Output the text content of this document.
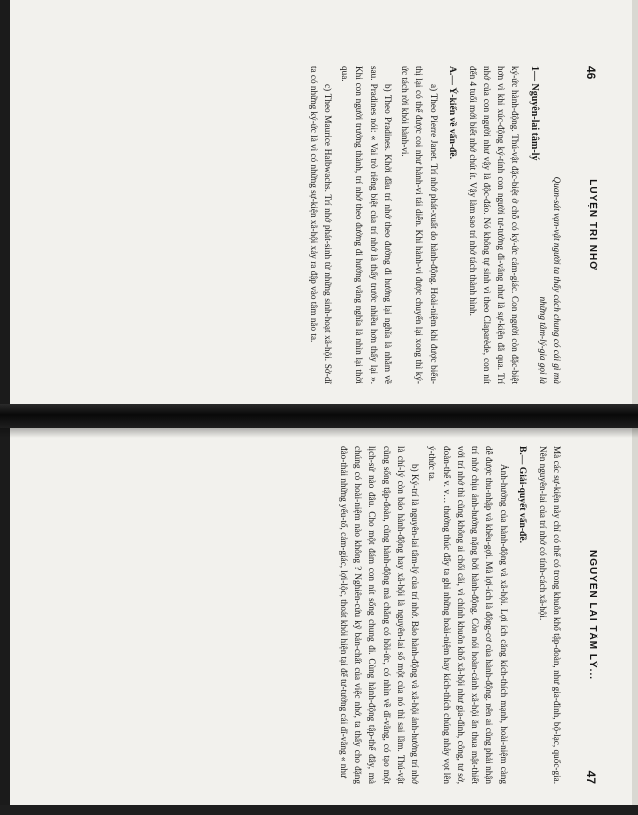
46
LUYỆN TRÍ NHỚ
1— Nguyên-lai tâm-lý
Quan-sát vạn-vật người ta thấy cách chung có cái gì mà những tâm-lý-gia gọi là

ký-ức hành-động. Thú-vật đặc-biệt ở chỗ có ký-ức cảm-giác. Con người còn đặc-biệt hơn vì khi xúc-động ký-tính con người tư-tưởng đi-vãng như là sự-kiện đã qua. Trí nhớ của con người như vậy là độc-đáo. Nó không tự sinh vì theo Claparède, con nít đến 4 tuổi mới biết nhớ chút ít. Vậy làm sao trí nhớ tách thành hình.

A.— Ý-kiến về vấn-đề.

a) Theo Pierre Janet. Trí nhớ phát-xuất do hành-động. Hoài-niệm khi được biểu-thị lại có thể được coi như hành-vi tái diễn. Khi hành-vi được chuyển lại xong thì ký-ức tách rời khỏi hành-vi.

b) Theo Pradines. Khởi đầu trí nhớ theo đường đi hướng lại nghĩa là nhằm về sau. Pradines nói: « Vai trò riêng biệt của trí nhớ là thấy trước nhiều hơn thấy lại ». Khi con người trưởng thành, trí nhớ theo đường đi hướng vãng nghĩa là nhìn lại thời qua.

c) Theo Maurice Halbwachs. Trí nhớ phát-sinh từ những sinh-hoạt xã-hội. Sở-dĩ ta có những ký-ức là vì có những sự-kiện xã-hội xảy ra đập vào tâm não ta.

NGUYÊN LAI TÂM LÝ...
47

Mà các sự-kiện này chỉ có thể có trong khuôn khổ tập-đoàn, như gia-đình, bộ-lạc, quốc-gia. Nên nguyên-lai của trí nhớ có tính-cách xã-hội.

B.— Giải-quyết vấn-đề.

Ảnh-hưởng của hành-động và xã-hội. Lợi ích căng kích-thích mạnh, hoài-niệm càng dễ được thu-nhập và khêu-gợi. Mà lợi-ích là động-cơ của hành-động. nên ai cũng phải nhận trí nhớ chịu ảnh-hưởng nặng bởi hành-động. Còn nói hoàn-cảnh xã-hội ăn thua mật-thiết với trí nhớ thì cũng không ai chối cãi, vì chính khuôn khổ xã-hội như gia-đình, công, tư sở, đoàn-thể v. v… thường thúc đẩy ta ghi những hoài-niệm hay kích-thích chúng nhảy vọt lên ý-thức ta.

b) Ký-trí là nguyên-lai tâm-lý của trí nhớ. Bảo hành-động và xã-hội ảnh-hưởng trí nhớ là chí-lý còn bảo hành-động hay xã-hội là nguyên-lai số một của nó thì sai lầm. Thú-vật cũng sống tập-đoàn, cũng hành-động mà chẳng có hồi-ức, có nhìn về dĩ-vãng, có tạo một lịch-sử nào đâu. Cho một đám con nít sống chung đi. Cùng hành-động tập-thể đây, mà chúng có hoài-niệm nào không ? Nghiên-cứu kỹ bản-chất của việc nhớ, ta thấy cho đặng đào-thải những yếu-tố, cảm-giác, lợi-lộc, thoát khỏi hiện tại để tư-tưởng cái dĩ-vãng « như
